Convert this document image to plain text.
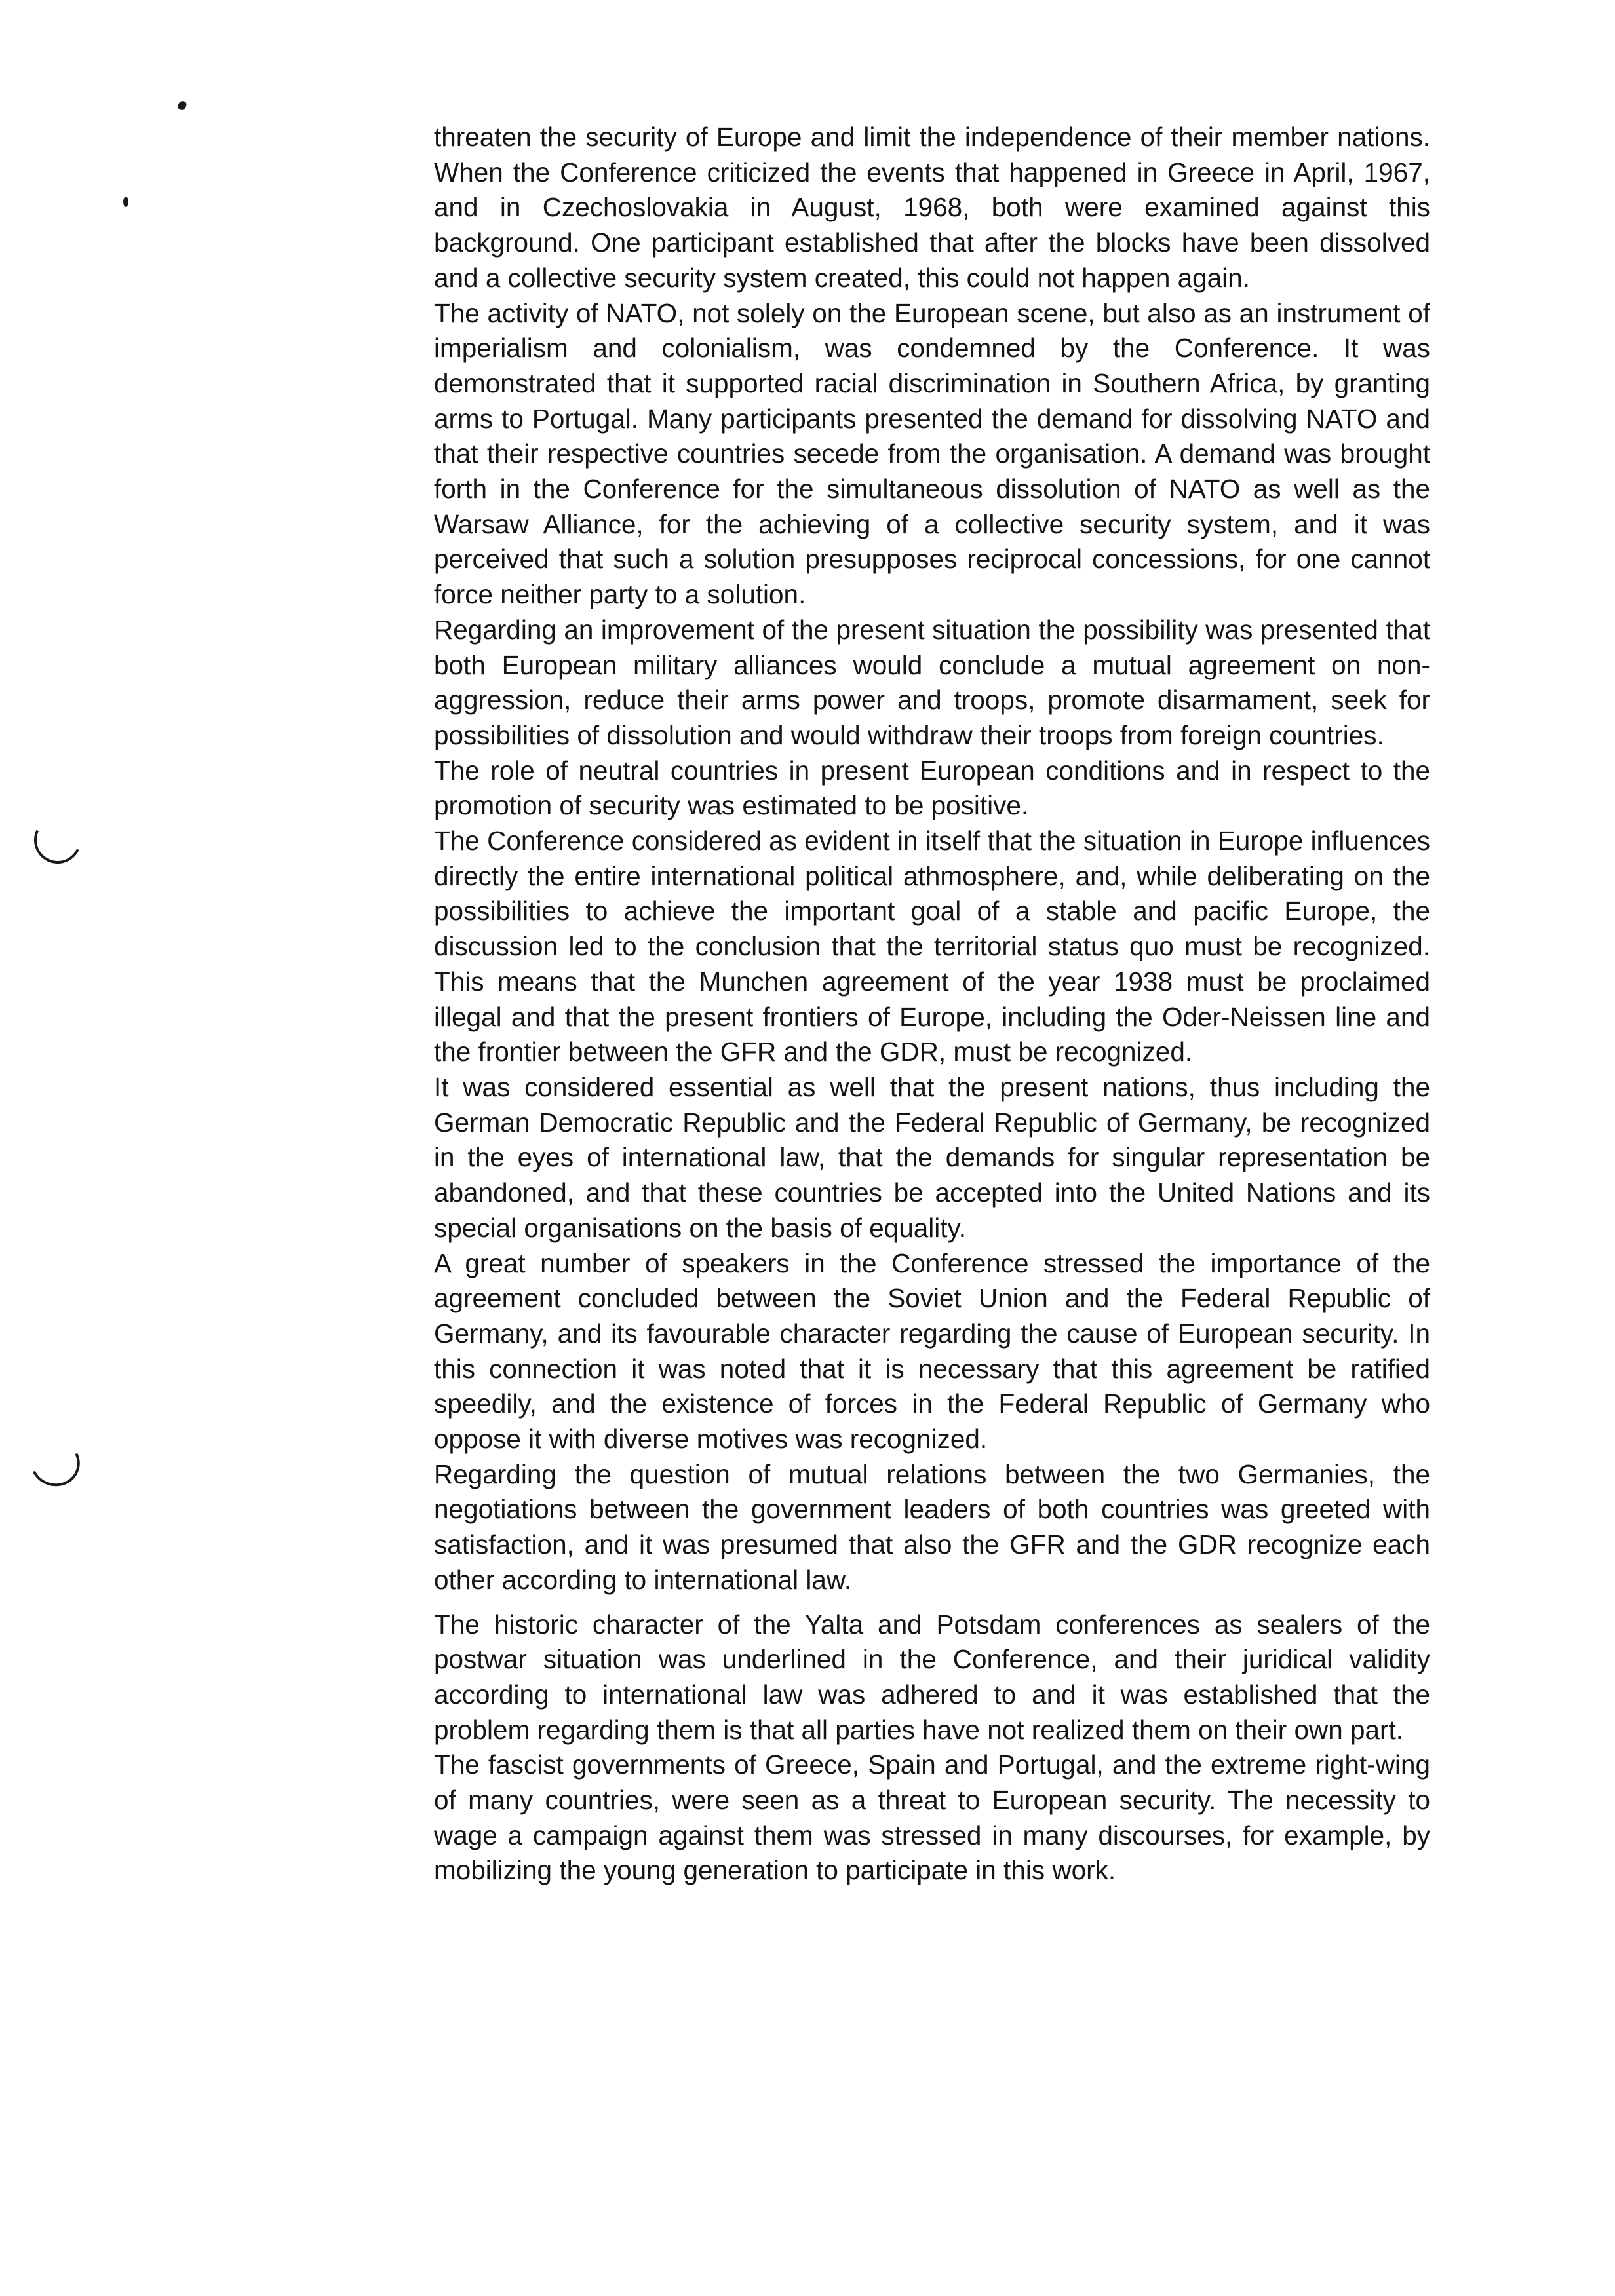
threaten the security of Europe and limit the independence of their member nations. When the Conference criticized the events that happened in Greece in April, 1967, and in Czechoslovakia in August, 1968, both were examined against this background. One participant established that after the blocks have been dissolved and a collective security system created, this could not happen again.

The activity of NATO, not solely on the European scene, but also as an instrument of imperialism and colonialism, was condemned by the Conference. It was demonstrated that it supported racial discrimination in Southern Africa, by granting arms to Portugal. Many participants presented the demand for dissolving NATO and that their respective countries secede from the organisation. A demand was brought forth in the Conference for the simultaneous dissolution of NATO as well as the Warsaw Alliance, for the achieving of a collective security system, and it was perceived that such a solution presupposes reciprocal concessions, for one cannot force neither party to a solution.

Regarding an improvement of the present situation the possibility was presented that both European military alliances would conclude a mutual agreement on non-aggression, reduce their arms power and troops, promote disarmament, seek for possibilities of dissolution and would withdraw their troops from foreign countries.

The role of neutral countries in present European conditions and in respect to the promotion of security was estimated to be positive.

The Conference considered as evident in itself that the situation in Europe influences directly the entire international political athmosphere, and, while deliberating on the possibilities to achieve the important goal of a stable and pacific Europe, the discussion led to the conclusion that the territorial status quo must be recognized. This means that the Munchen agreement of the year 1938 must be proclaimed illegal and that the present frontiers of Europe, including the Oder-Neissen line and the frontier between the GFR and the GDR, must be recognized.

It was considered essential as well that the present nations, thus including the German Democratic Republic and the Federal Republic of Germany, be recognized in the eyes of international law, that the demands for singular representation be abandoned, and that these countries be accepted into the United Nations and its special organisations on the basis of equality.

A great number of speakers in the Conference stressed the importance of the agreement concluded between the Soviet Union and the Federal Republic of Germany, and its favourable character regarding the cause of European security. In this connection it was noted that it is necessary that this agreement be ratified speedily, and the existence of forces in the Federal Republic of Germany who oppose it with diverse motives was recognized.

Regarding the question of mutual relations between the two Germanies, the negotiations between the government leaders of both countries was greeted with satisfaction, and it was presumed that also the GFR and the GDR recognize each other according to international law.

The historic character of the Yalta and Potsdam conferences as sealers of the postwar situation was underlined in the Conference, and their juridical validity according to international law was adhered to and it was established that the problem regarding them is that all parties have not realized them on their own part.

The fascist governments of Greece, Spain and Portugal, and the extreme right-wing of many countries, were seen as a threat to European security. The necessity to wage a campaign against them was stressed in many discourses, for example, by mobilizing the young generation to participate in this work.
